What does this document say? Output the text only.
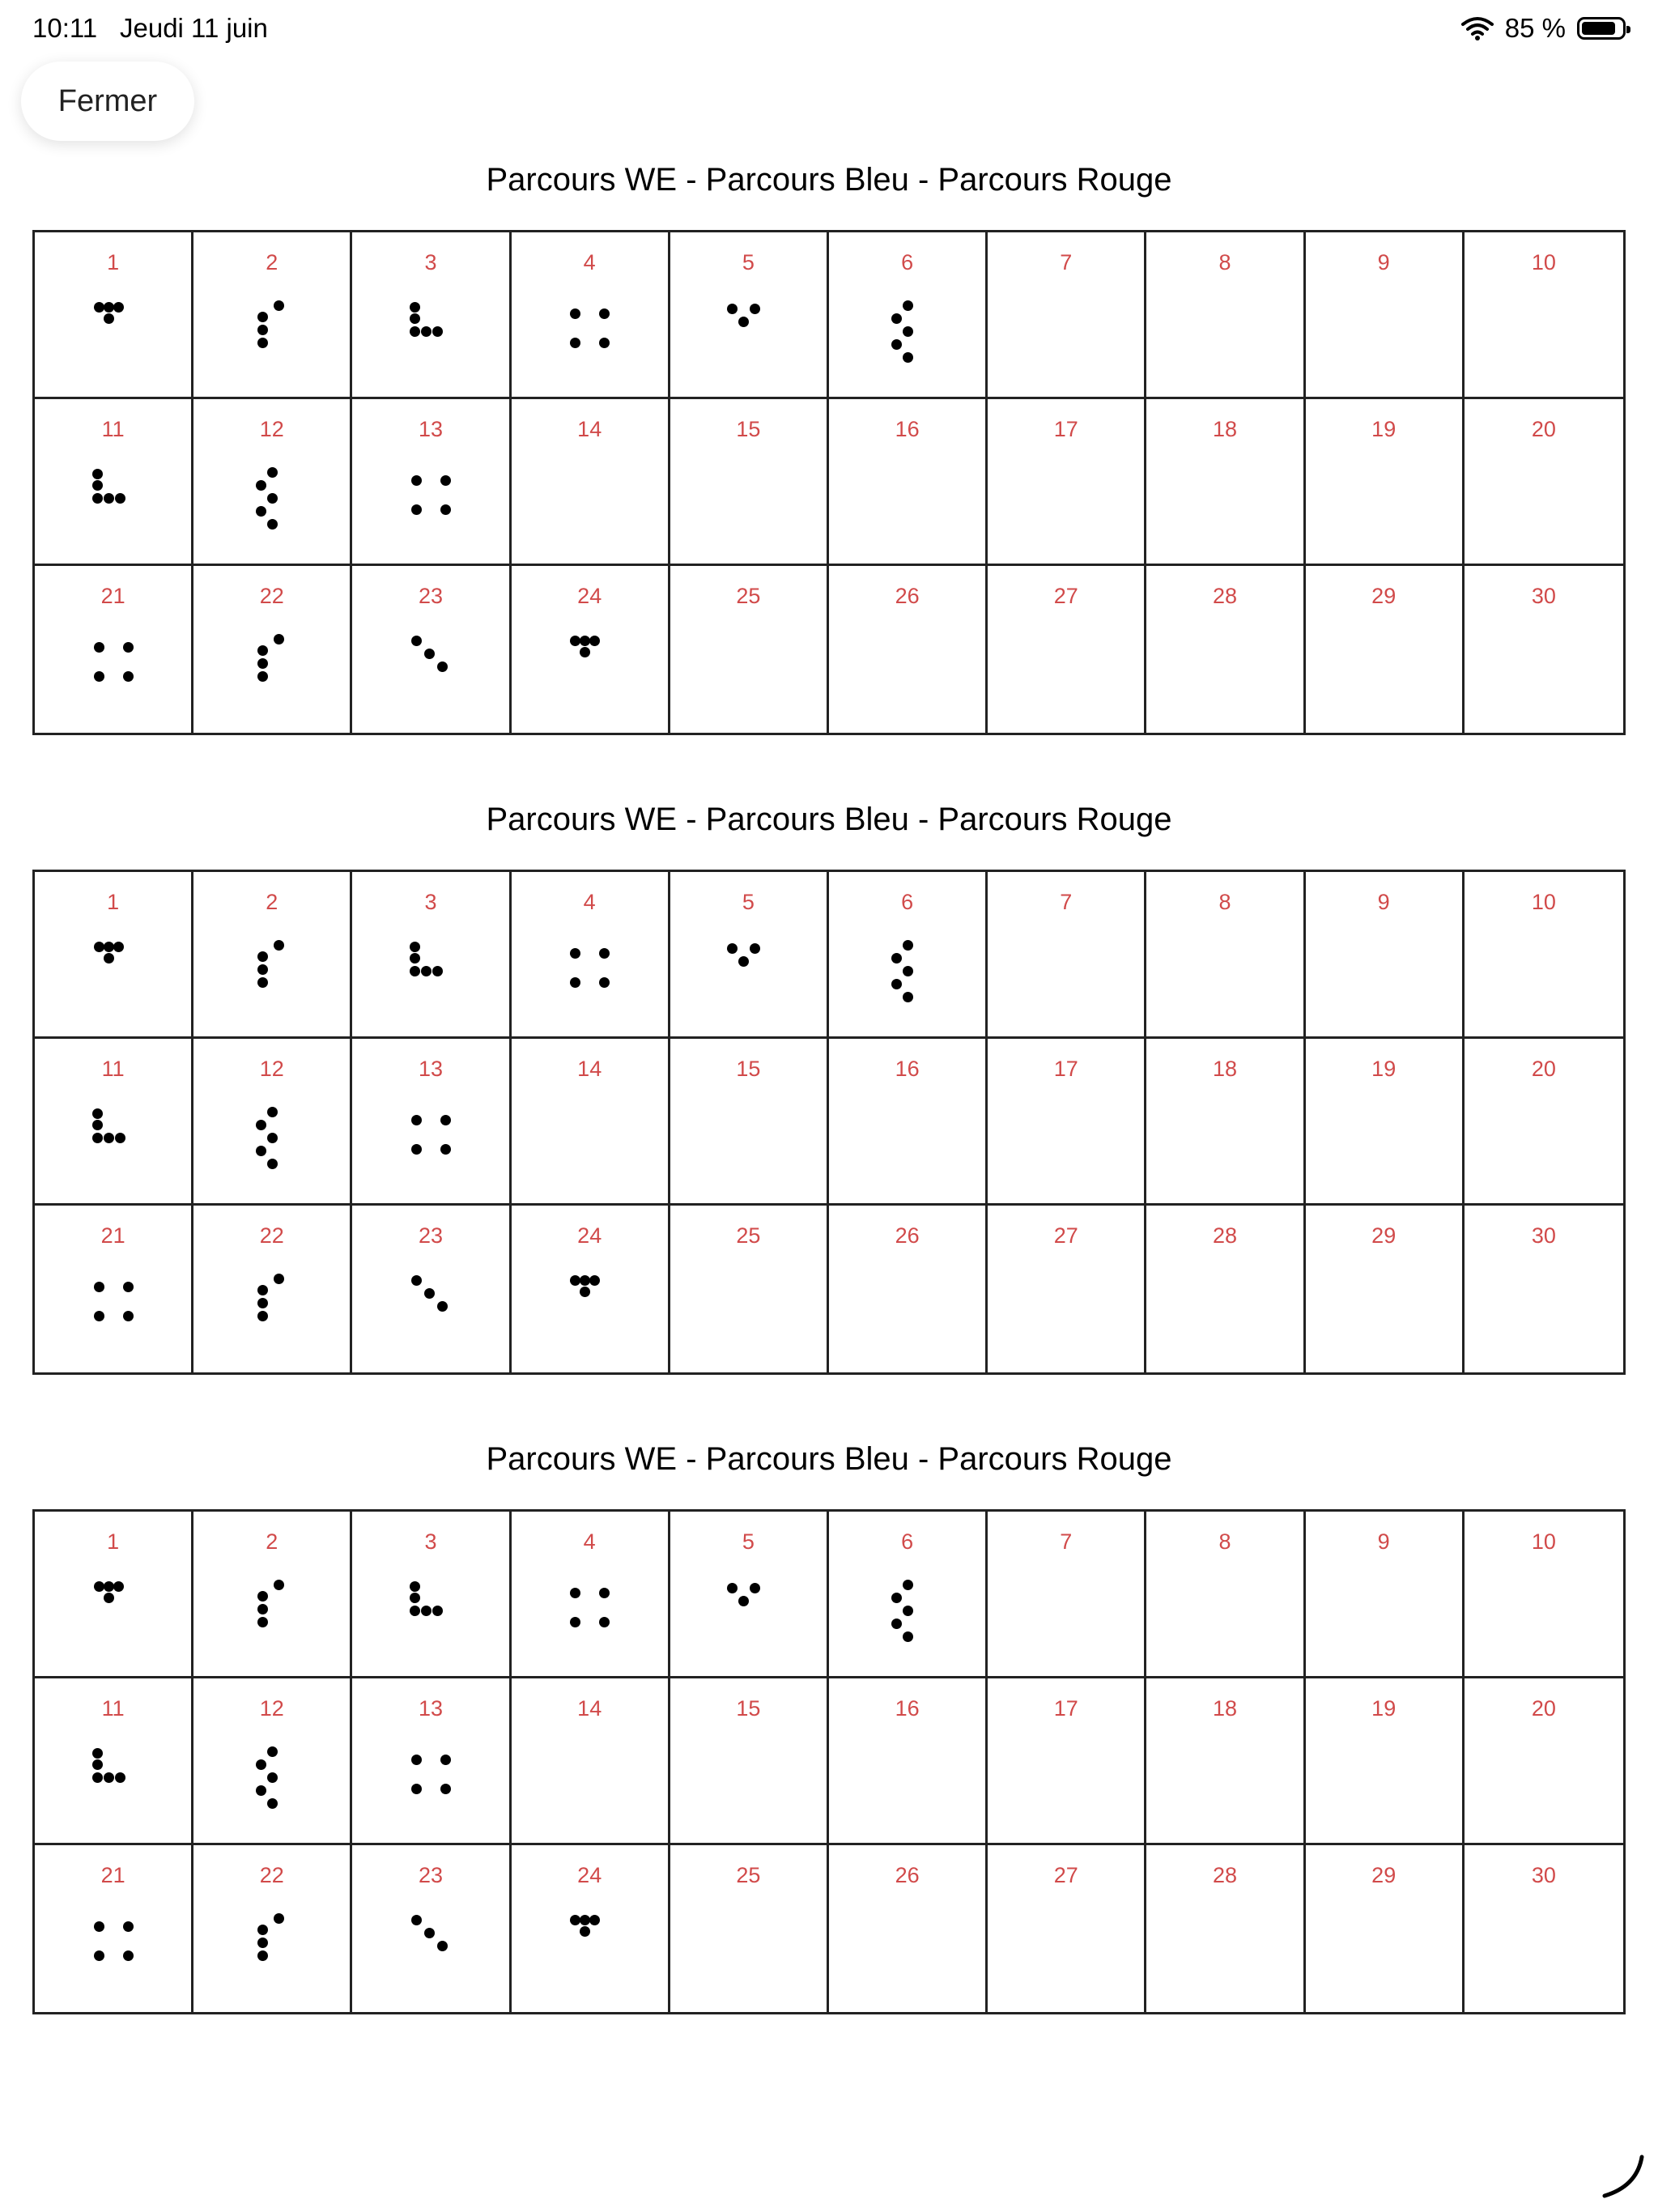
10:11 Jeudi 11 juin	85 %
Fermer
Parcours WE - Parcours Bleu - Parcours Rouge
1	2	3	4	5	6	7	8	9	10
11	12	13	14	15	16	17	18	19	20
21	22	23	24	25	26	27	28	29	30
Parcours WE - Parcours Bleu - Parcours Rouge
1	2	3	4	5	6	7	8	9	10
11	12	13	14	15	16	17	18	19	20
21	22	23	24	25	26	27	28	29	30
Parcours WE - Parcours Bleu - Parcours Rouge
1	2	3	4	5	6	7	8	9	10
11	12	13	14	15	16	17	18	19	20
21	22	23	24	25	26	27	28	29	30
